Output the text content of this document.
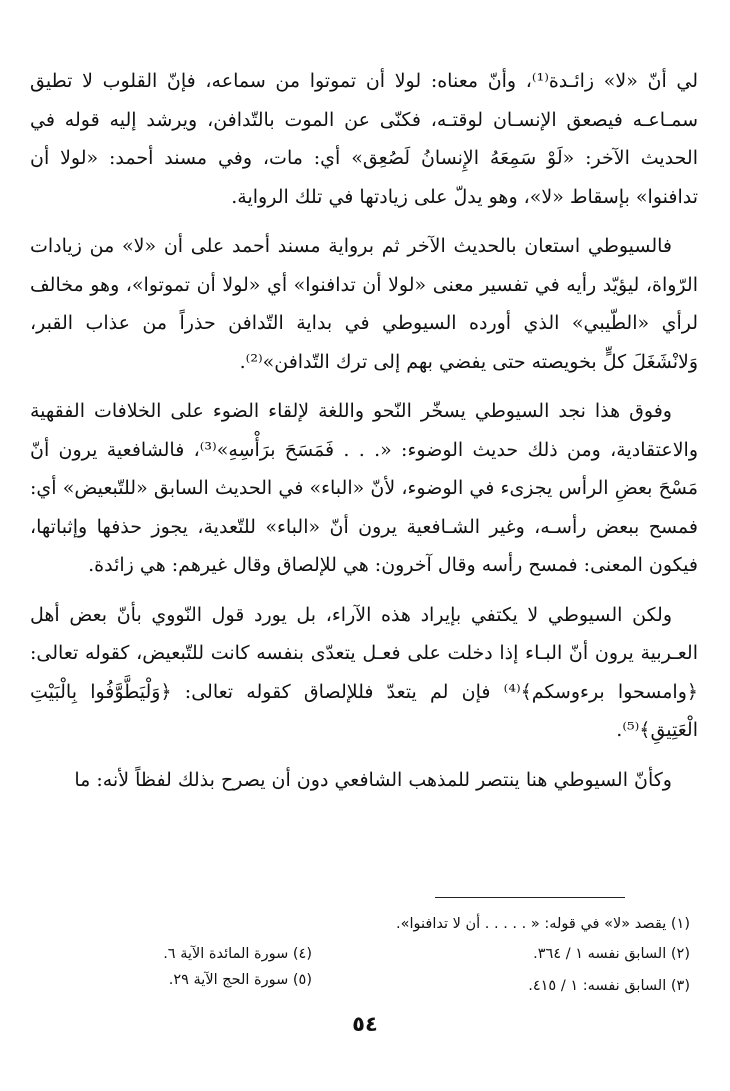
لي أنّ «لا» زائـدة⁽¹⁾، وأنّ معناه: لولا أن تموتوا من سماعه، فإنّ القلوب لا تطيق سمـاعـه فيصعق الإنسـان لوقتـه، فكنّى عن الموت بالتّدافن، ويرشد إليه قوله في الحديث الآخر: «لَوْ سَمِعَهُ الإِنسانُ لَصُعِق» أي: مات، وفي مسند أحمد: «لولا أن تدافنوا» بإسقاط «لا»، وهو يدلّ على زيادتها في تلك الرواية.

فالسيوطي استعان بالحديث الآخر ثم برواية مسند أحمد على أن «لا» من زيادات الرّواة، ليؤيّد رأيه في تفسير معنى «لولا أن تدافنوا» أي «لولا أن تموتوا»، وهو مخالف لرأي «الطّيبي» الذي أورده السيوطي في بداية التّدافن حذراً من عذاب القبر، وَلانْشَغَلَ كلٍّ بخويصته حتى يفضي بهم إلى ترك التّدافن»⁽²⁾.

وفوق هذا نجد السيوطي يسخّر النّحو واللغة لإلقاء الضوء على الخلافات الفقهية والاعتقادية، ومن ذلك حديث الوضوء: «. . . فَمَسَحَ برَأْسِهِ»⁽³⁾، فالشافعية يرون أنّ مَسْحَ بعضِ الرأس يجزىء في الوضوء، لأنّ «الباء» في الحديث السابق «للتّبعيض» أي: فمسح ببعض رأسـه، وغير الشـافعية يرون أنّ «الباء» للتّعدية، يجوز حذفها وإثباتها، فيكون المعنى: فمسح رأسه وقال آخرون: هي للإلصاق وقال غيرهم: هي زائدة.

ولكن السيوطي لا يكتفي بإيراد هذه الآراء، بل يورد قول النّووي بأنّ بعض أهل العـربية يرون أنّ البـاء إذا دخلت على فعـل يتعدّى بنفسه كانت للتّبعيض، كقوله تعالى: ﴿وامسحوا برءوسكم﴾⁽⁴⁾ فإن لم يتعدّ فللإلصاق كقوله تعالى: ﴿وَلْيَطَّوَّفُوا بِالْبَيْتِ الْعَتِيقِ﴾⁽⁵⁾.

وكأنّ السيوطي هنا ينتصر للمذهب الشافعي دون أن يصرح بذلك لفظاً لأنه: ما

(١) يقصد «لا» في قوله: « . . . . . أن لا تدافنوا».
(٢) السابق نفسه ١ / ٣٦٤.
(٣) السابق نفسه: ١ / ٤١٥.
(٤) سورة المائدة الآية ٦.
(٥) سورة الحج الآية ٢٩.
٥٤
